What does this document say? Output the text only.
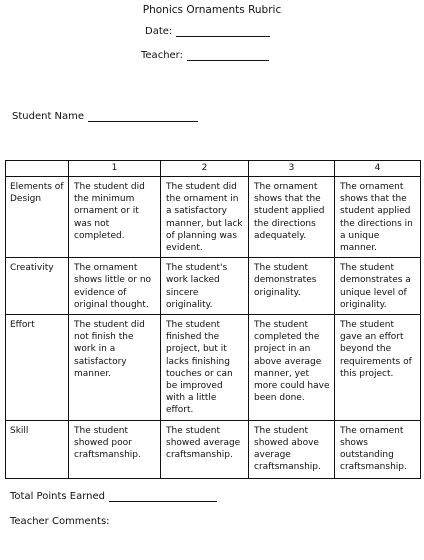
Phonics Ornaments Rubric
Date:
Teacher:
Student Name
	1	2	3	4
Elements of Design	The student did the minimum ornament or it was not completed.	The student did the ornament in a satisfactory manner, but lack of planning was evident.	The ornament shows that the student applied the directions adequately.	The ornament shows that the student applied the directions in a unique manner.
Creativity	The ornament shows little or no evidence of original thought.	The student's work lacked sincere originality.	The student demonstrates originality.	The student demonstrates a unique level of originality.
Effort	The student did not finish the work in a satisfactory manner.	The student finished the project, but it lacks finishing touches or can be improved with a little effort.	The student completed the project in an above average manner, yet more could have been done.	The student gave an effort beyond the requirements of this project.
Skill	The student showed poor craftsmanship.	The student showed average craftsmanship.	The student showed above average craftsmanship.	The ornament shows outstanding craftsmanship.
Total Points Earned
Teacher Comments:
